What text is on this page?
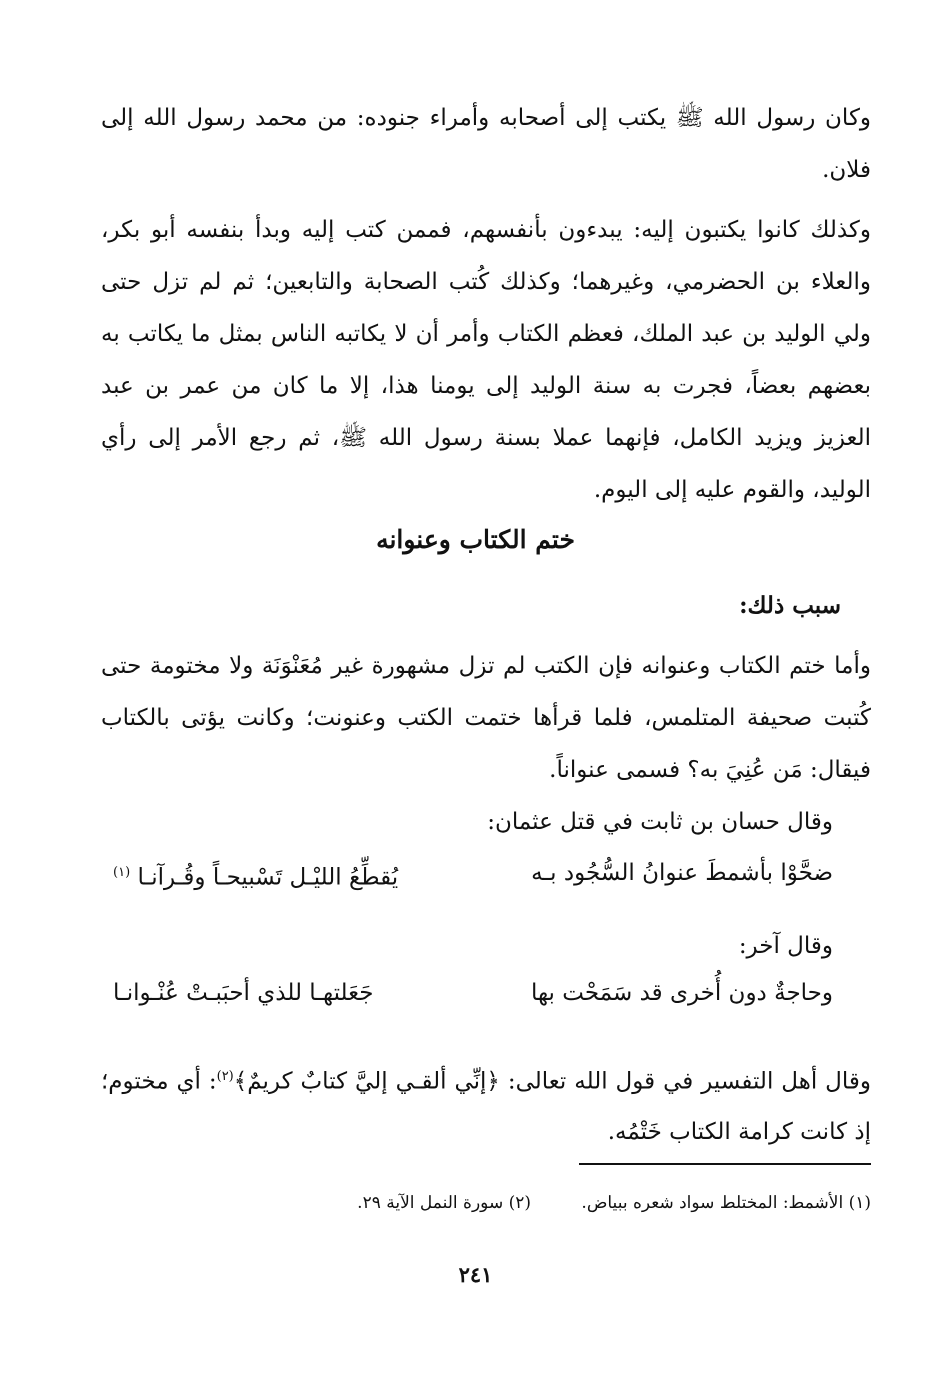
وكان رسول الله ﷺ يكتب إلى أصحابه وأمراء جنوده: من محمد رسول الله إلى فلان.

وكذلك كانوا يكتبون إليه: يبدءون بأنفسهم، فممن كتب إليه وبدأ بنفسه أبو بكر، والعلاء بن الحضرمي، وغيرهما؛ وكذلك كُتب الصحابة والتابعين؛ ثم لم تزل حتى ولي الوليد بن عبد الملك، فعظم الكتاب وأمر أن لا يكاتبه الناس بمثل ما يكاتب به بعضهم بعضاً، فجرت به سنة الوليد إلى يومنا هذا، إلا ما كان من عمر بن عبد العزيز ويزيد الكامل، فإنهما عملا بسنة رسول الله ﷺ، ثم رجع الأمر إلى رأي الوليد، والقوم عليه إلى اليوم.

ختم الكتاب وعنوانه
سبب ذلك:

وأما ختم الكتاب وعنوانه فإن الكتب لم تزل مشهورة غير مُعَنْوَنَة ولا مختومة حتى كُتبت صحيفة المتلمس، فلما قرأها ختمت الكتب وعنونت؛ وكانت يؤتى بالكتاب فيقال: مَن عُنِيَ به؟ فسمى عنواناً.

وقال حسان بن ثابت في قتل عثمان:
ضحَّوْا بأشمطَ عنوانُ السُّجُود بـه
يُقطِّعُ الليْـل تَسْبيحـاً وقُـرآنـا $^{(١)}$
وقال آخر:
وحاجةٌ دون أُخرى قد سَمَحْت بها
جَعَلتهـا للذي أحبَبـتْ عُنْـوانـا

وقال أهل التفسير في قول الله تعالى: ﴿إنِّي ألقـي إليَّ كتابٌ كريمٌ﴾$^{(٢)}$: أي مختوم؛ إذ كانت كرامة الكتاب خَتْمُه.

(١) الأشمط: المختلط سواد شعره ببياض.
(٢) سورة النمل الآية ٢٩.
٢٤١
